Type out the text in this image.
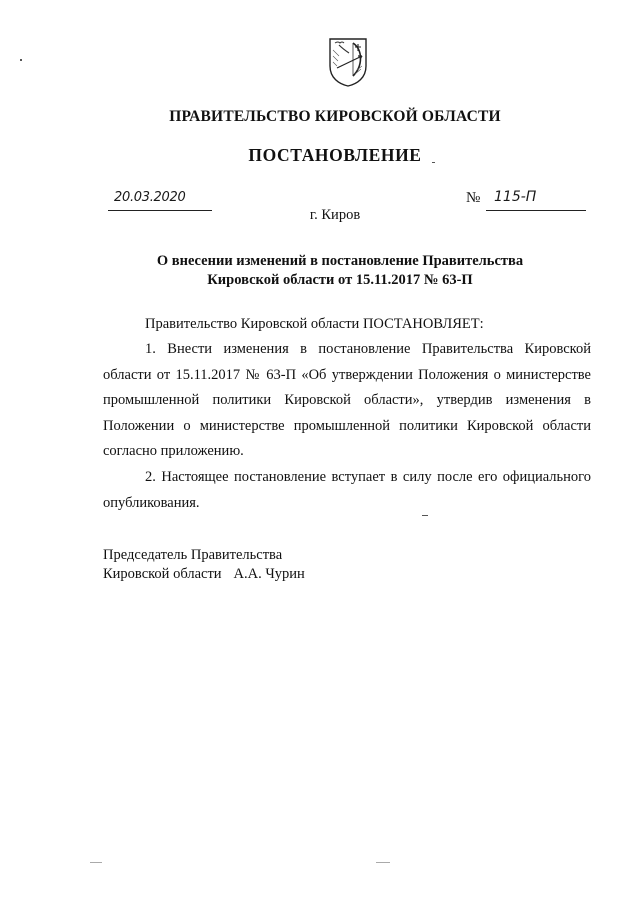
ПРАВИТЕЛЬСТВО КИРОВСКОЙ ОБЛАСТИ
ПОСТАНОВЛЕНИЕ
20.03.2020	№ 115-П
г. Киров
О внесении изменений в постановление Правительства
Кировской области от 15.11.2017 № 63-П
Правительство Кировской области ПОСТАНОВЛЯЕТ:
1. Внести изменения в постановление Правительства Кировской области от 15.11.2017 № 63-П «Об утверждении Положения о министерстве промышленной политики Кировской области», утвердив изменения в Положении о министерстве промышленной политики Кировской области согласно приложению.
2. Настоящее постановление вступает в силу после его официального опубликования.
Председатель Правительства
Кировской области А.А. Чурин
